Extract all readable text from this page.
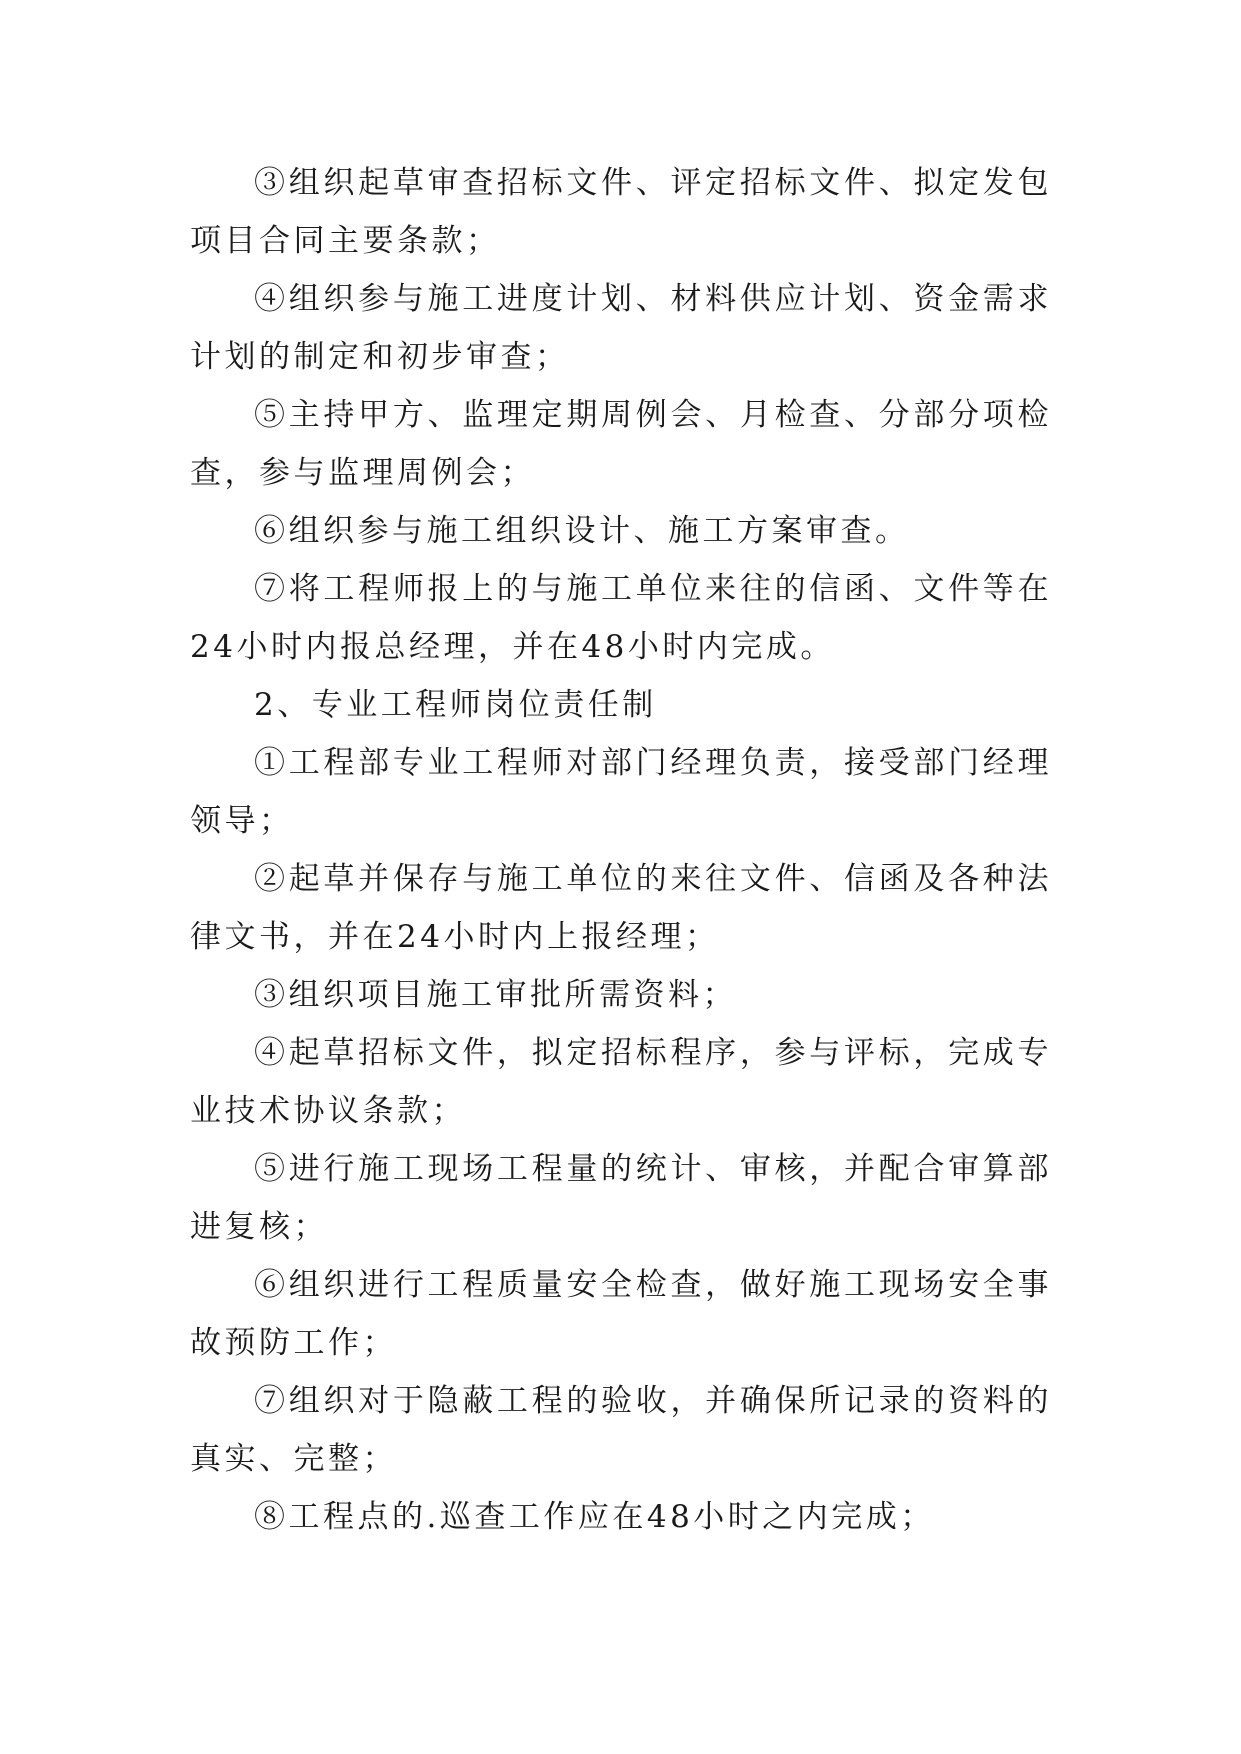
③组织起草审查招标文件、评定招标文件、拟定发包项目合同主要条款；

④组织参与施工进度计划、材料供应计划、资金需求计划的制定和初步审查；

⑤主持甲方、监理定期周例会、月检查、分部分项检查，参与监理周例会；

⑥组织参与施工组织设计、施工方案审查。

⑦将工程师报上的与施工单位来往的信函、文件等在24小时内报总经理，并在48小时内完成。

2、专业工程师岗位责任制

①工程部专业工程师对部门经理负责，接受部门经理领导；

②起草并保存与施工单位的来往文件、信函及各种法律文书，并在24小时内上报经理；

③组织项目施工审批所需资料；

④起草招标文件，拟定招标程序，参与评标，完成专业技术协议条款；

⑤进行施工现场工程量的统计、审核，并配合审算部进复核；

⑥组织进行工程质量安全检查，做好施工现场安全事故预防工作；

⑦组织对于隐蔽工程的验收，并确保所记录的资料的真实、完整；

⑧工程点的.巡查工作应在48小时之内完成；
